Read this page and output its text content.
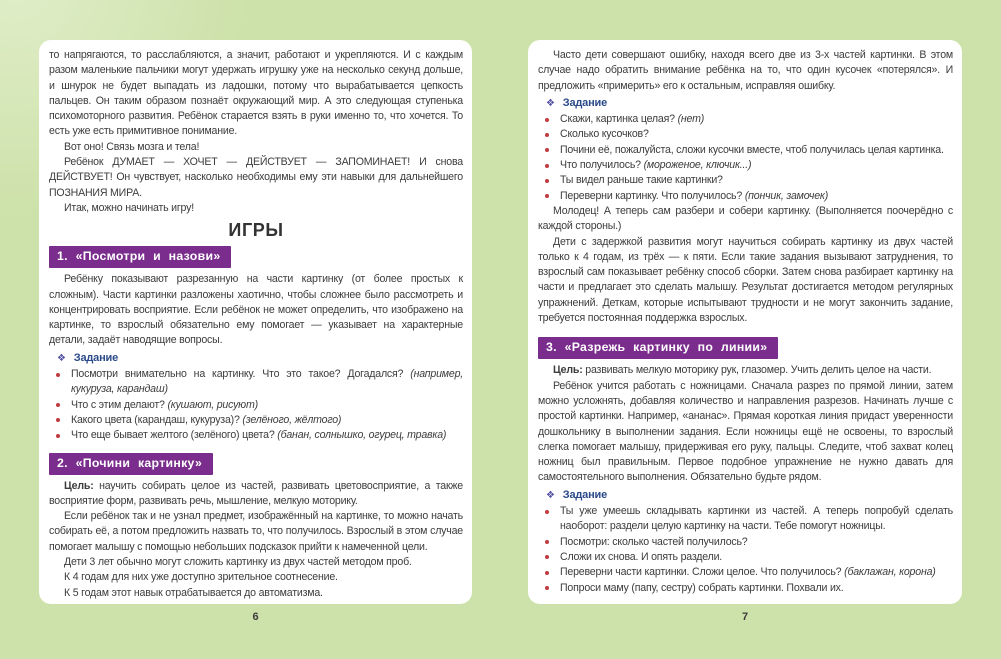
то напрягаются, то расслабляются, а значит, работают и укрепляются. И с каждым разом маленькие пальчики могут удержать игрушку уже на несколько секунд дольше, и шнурок не будет выпадать из ладошки, потому что вырабатывается цепкость пальцев. Он таким образом познаёт окружающий мир. А это следующая ступенька психомоторного развития. Ребёнок старается взять в руки именно то, что хочется. То есть уже есть примитивное понимание.

Вот оно! Связь мозга и тела!

Ребёнок ДУМАЕТ — ХОЧЕТ — ДЕЙСТВУЕТ — ЗАПОМИНАЕТ! И снова ДЕЙСТВУЕТ! Он чувствует, насколько необходимы ему эти навыки для дальнейшего ПОЗНАНИЯ МИРА.

Итак, можно начинать игру!

ИГРЫ
1. «Посмотри и назови»

Ребёнку показывают разрезанную на части картинку (от более простых к сложным). Части картинки разложены хаотично, чтобы сложнее было рассмотреть и концентрировать восприятие. Если ребёнок не может определить, что изображено на картинке, то взрослый обязательно ему помогает — указывает на характерные детали, задаёт наводящие вопросы.

❖ Задание
Посмотри внимательно на картинку. Что это такое? Догадался? (например, кукуруза, карандаш)
Что с этим делают? (кушают, рисуют)
Какого цвета (карандаш, кукуруза)? (зелёного, жёлтого)
Что еще бывает желтого (зелёного) цвета? (банан, солнышко, огурец, травка)
2. «Почини картинку»

Цель: научить собирать целое из частей, развивать цветовосприятие, а также восприятие форм, развивать речь, мышление, мелкую моторику.

Если ребёнок так и не узнал предмет, изображённый на картинке, то можно начать собирать её, а потом предложить назвать то, что получилось. Взрослый в этом случае помогает малышу с помощью небольших подсказок прийти к намеченной цели.

Дети 3 лет обычно могут сложить картинку из двух частей методом проб.

К 4 годам для них уже доступно зрительное соотнесение.

К 5 годам этот навык отрабатывается до автоматизма.

Часто дети совершают ошибку, находя всего две из 3-х частей картинки. В этом случае надо обратить внимание ребёнка на то, что один кусочек «потерялся». И предложить «примерить» его к остальным, исправляя ошибку.

❖ Задание
Скажи, картинка целая? (нет)
Сколько кусочков?
Почини её, пожалуйста, сложи кусочки вместе, чтоб получилась целая картинка.
Что получилось? (мороженое, ключик...)
Ты видел раньше такие картинки?
Переверни картинку. Что получилось? (пончик, замочек)

Молодец! А теперь сам разбери и собери картинку. (Выполняется поочерёдно с каждой стороны.)

Дети с задержкой развития могут научиться собирать картинку из двух частей только к 4 годам, из трёх — к пяти. Если такие задания вызывают затруднения, то взрослый сам показывает ребёнку способ сборки. Затем снова разбирает картинку на части и предлагает это сделать малышу. Результат достигается методом регулярных упражнений. Деткам, которые испытывают трудности и не могут закончить задание, требуется постоянная поддержка взрослых.

3. «Разрежь картинку по линии»

Цель: развивать мелкую моторику рук, глазомер. Учить делить целое на части.

Ребёнок учится работать с ножницами. Сначала разрез по прямой линии, затем можно усложнять, добавляя количество и направления разрезов. Начинать лучше с простой картинки. Например, «ананас». Прямая короткая линия придаст уверенности дошкольнику в выполнении задания. Если ножницы ещё не освоены, то взрослый слегка помогает малышу, придерживая его руку, пальцы. Следите, чтоб захват колец ножниц был правильным. Первое подобное упражнение не нужно давать для самостоятельного выполнения. Обязательно будьте рядом.

❖ Задание
Ты уже умеешь складывать картинки из частей. А теперь попробуй сделать наоборот: раздели целую картинку на части. Тебе помогут ножницы.
Посмотри: сколько частей получилось?
Сложи их снова. И опять раздели.
Переверни части картинки. Сложи целое. Что получилось? (баклажан, корона)
Попроси маму (папу, сестру) собрать картинки. Похвали их.
6	7
